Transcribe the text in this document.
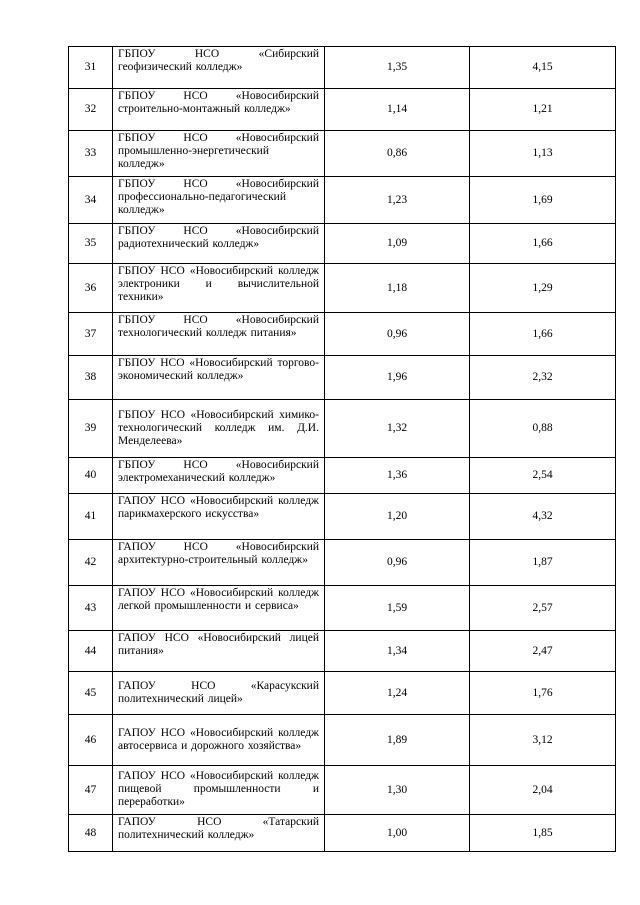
31	ГБПОУ НСО «Сибирский геофизический колледж»	1,35	4,15
32	ГБПОУ НСО «Новосибирский строительно-монтажный колледж»	1,14	1,21
33	ГБПОУ НСО «Новосибирский промышленно-энергетический колледж»	0,86	1,13
34	ГБПОУ НСО «Новосибирский профессионально-педагогический колледж»	1,23	1,69
35	ГБПОУ НСО «Новосибирский радиотехнический колледж»	1,09	1,66
36	ГБПОУ НСО «Новосибирский колледж электроники и вычислительной техники»	1,18	1,29
37	ГБПОУ НСО «Новосибирский технологический колледж питания»	0,96	1,66
38	ГБПОУ НСО «Новосибирский торгово-экономический колледж»	1,96	2,32
39	ГБПОУ НСО «Новосибирский химико-технологический колледж им. Д.И. Менделеева»	1,32	0,88
40	ГБПОУ НСО «Новосибирский электромеханический колледж»	1,36	2,54
41	ГАПОУ НСО «Новосибирский колледж парикмахерского искусства»	1,20	4,32
42	ГАПОУ НСО «Новосибирский архитектурно-строительный колледж»	0,96	1,87
43	ГАПОУ НСО «Новосибирский колледж легкой промышленности и сервиса»	1,59	2,57
44	ГАПОУ НСО «Новосибирский лицей питания»	1,34	2,47
45	ГАПОУ НСО «Карасукский политехнический лицей»	1,24	1,76
46	ГАПОУ НСО «Новосибирский колледж автосервиса и дорожного хозяйства»	1,89	3,12
47	ГАПОУ НСО «Новосибирский колледж пищевой промышленности и переработки»	1,30	2,04
48	ГАПОУ НСО «Татарский политехнический колледж»	1,00	1,85
